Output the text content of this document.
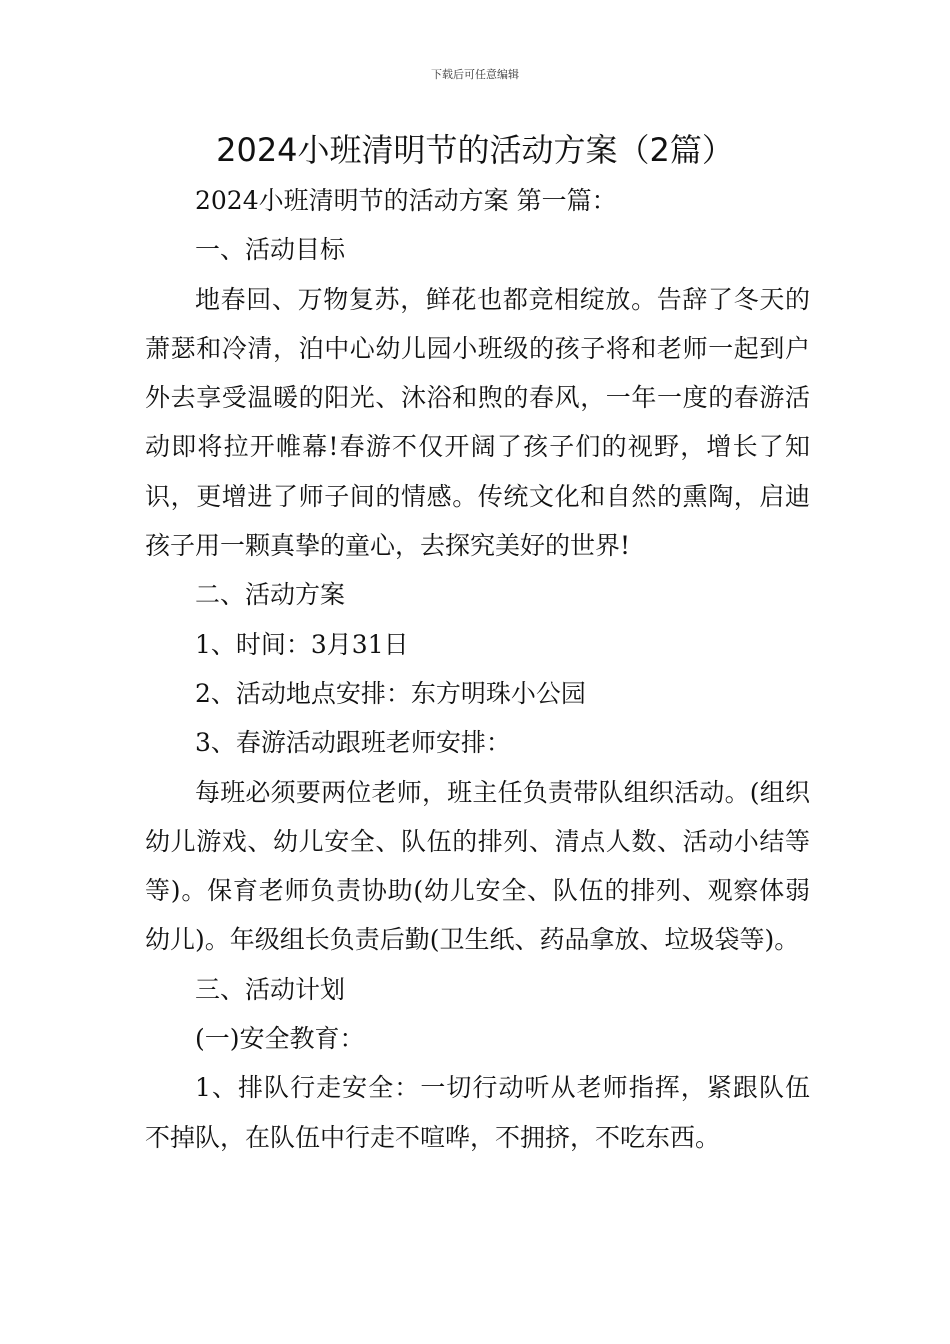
下载后可任意编辑
2024小班清明节的活动方案（2篇）

2024小班清明节的活动方案 第一篇：

一、活动目标

地春回、万物复苏，鲜花也都竞相绽放。告辞了冬天的萧瑟和冷清，泊中心幼儿园小班级的孩子将和老师一起到户外去享受温暖的阳光、沐浴和煦的春风，一年一度的春游活动即将拉开帷幕!春游不仅开阔了孩子们的视野，增长了知识，更增进了师子间的情感。传统文化和自然的熏陶，启迪孩子用一颗真挚的童心，去探究美好的世界!

二、活动方案

1、时间：3月31日

2、活动地点安排：东方明珠小公园

3、春游活动跟班老师安排：

每班必须要两位老师，班主任负责带队组织活动。(组织幼儿游戏、幼儿安全、队伍的排列、清点人数、活动小结等等)。保育老师负责协助(幼儿安全、队伍的排列、观察体弱幼儿)。年级组长负责后勤(卫生纸、药品拿放、垃圾袋等)。

三、活动计划

(一)安全教育：

1、排队行走安全：一切行动听从老师指挥，紧跟队伍不掉队，在队伍中行走不喧哗，不拥挤，不吃东西。
